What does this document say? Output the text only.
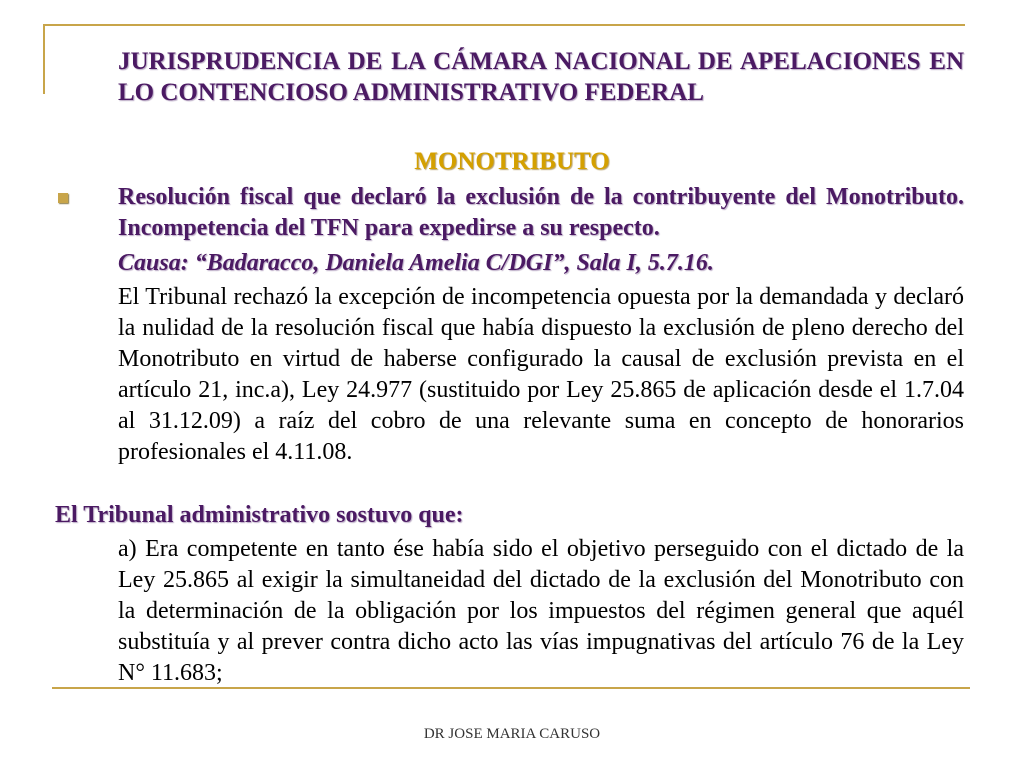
JURISPRUDENCIA DE LA CÁMARA NACIONAL DE APELACIONES EN LO CONTENCIOSO ADMINISTRATIVO FEDERAL
MONOTRIBUTO
Resolución fiscal que declaró la exclusión de la contribuyente del Monotributo. Incompetencia del TFN para expedirse a su respecto.
Causa: “Badaracco, Daniela Amelia C/DGI”, Sala I, 5.7.16.
El Tribunal rechazó la excepción de incompetencia opuesta por la demandada y declaró la nulidad de la resolución fiscal que había dispuesto la exclusión de pleno derecho del Monotributo en virtud de haberse configurado la causal de exclusión prevista en el artículo 21, inc.a), Ley 24.977 (sustituido por Ley 25.865 de aplicación desde el 1.7.04 al 31.12.09) a raíz del cobro de una relevante suma en concepto de honorarios profesionales el 4.11.08.
El Tribunal administrativo sostuvo que:
a) Era competente en tanto ése había sido el objetivo perseguido con el dictado de la Ley 25.865 al exigir la simultaneidad del dictado de la exclusión del Monotributo con la determinación de la obligación por los impuestos del régimen general que aquél substituía y al prever contra dicho acto las vías impugnativas del artículo 76 de la Ley N° 11.683;
DR JOSE MARIA CARUSO
